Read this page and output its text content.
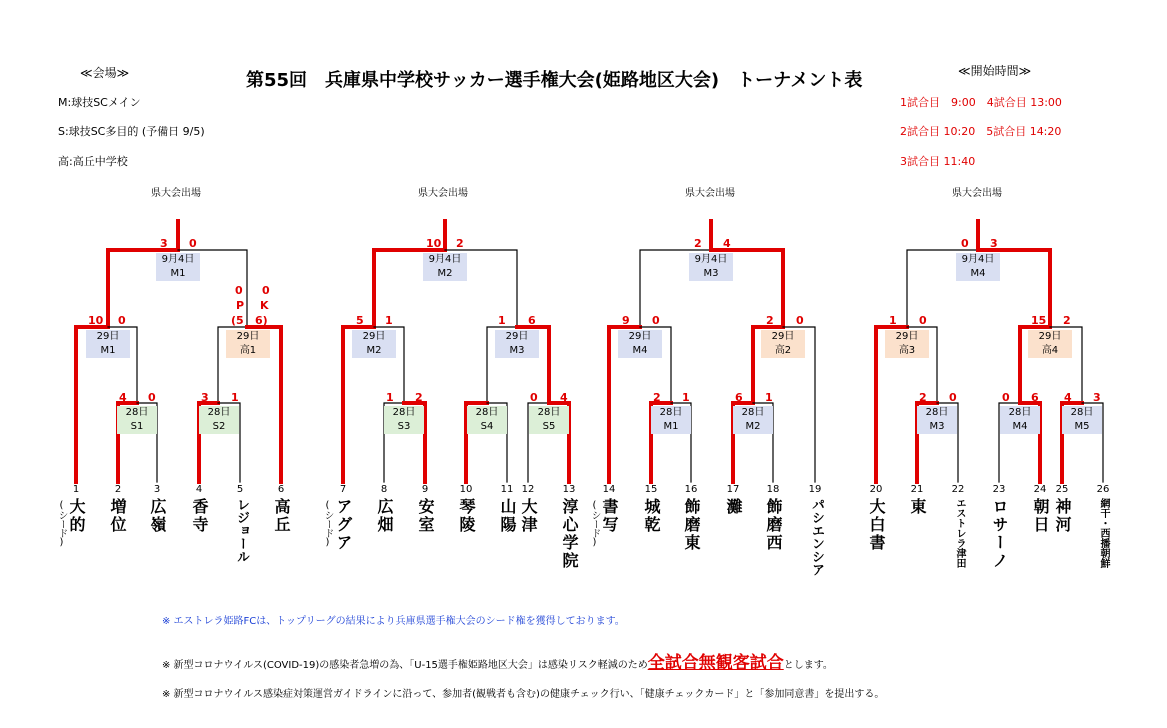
≪会場≫	第55回　兵庫県中学校サッカー選手権大会(姫路地区大会)　トーナメント表	≪開始時間≫
M:球技SCメイン
S:球技SC多目的 (予備日 9/5)
高:高丘中学校
1試合目　9:00　4試合目 13:00
2試合目 10:20　5試合目 14:20
3試合目 11:40
県大会出場	県大会出場	県大会出場	県大会出場
9月4日
M1
9月4日
M2
9月4日
M3
9月4日
M4
3 0	10 2	2 4	0 3
29日
M1
29日
高1
29日
M2
29日
M3
29日
M4
29日
高2
29日
高3
29日
高4
10 0
0 0
P K
(5 6)	5 1	1 6	9 0	2 0	1 0	15 2
28日
S1
28日
S2
28日
S3
28日
S4
28日
S5
28日
M1
28日
M2
28日
M3
28日
M4
28日
M5
4 0	3 1	1 2	0 4	2 1	6 1	2 0	0 6 4 3
1	2	3	4	5	6	7	8	9	10	11 12	13	14	15	16	17	18	19	20	21	22	23	24 25	26
大的
(シード)	増位 広嶺 香寺 レジョール 高丘	アグア
(シード)	広畑 安室 琴陵 山陽 大津 淳心学院 書写
(シード)	城乾 飾磨東 灘 飾磨西 パシエンシア	大白書 東	エストレラ津田 ロサーノ 朝日 神河	網干・西播朝鮮
※ エストレラ姫路FCは、トップリーグの結果により兵庫県選手権大会のシード権を獲得しております。
※ 新型コロナウイルス(COVID-19)の感染者急増の為、「U-15選手権姫路地区大会」は感染リスク軽減のため全試合無観客試合とします。
※ 新型コロナウイルス感染症対策運営ガイドラインに沿って、参加者(観戦者も含む)の健康チェック行い、「健康チェックカード」と「参加同意書」を提出する。
